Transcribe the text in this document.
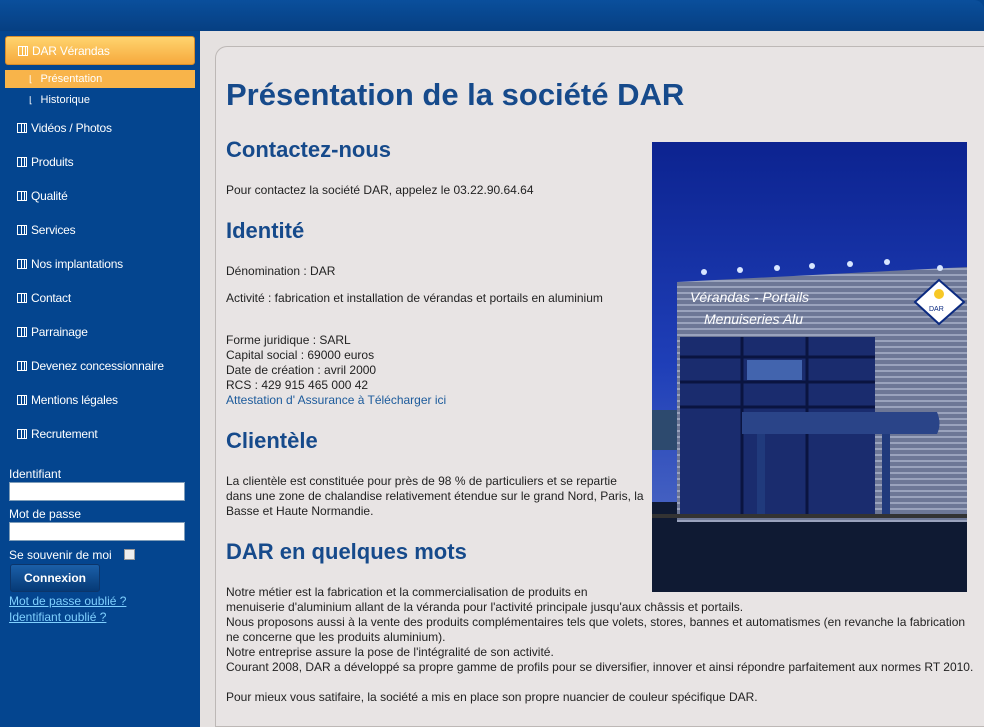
DAR Vérandas
⌊ Présentation
⌊ Historique
Vidéos / Photos
Produits
Qualité
Services
Nos implantations
Contact
Parrainage
Devenez concessionnaire
Mentions légales
Recrutement
Identifiant
Mot de passe
Se souvenir de moi
Connexion
Mot de passe oublié ?
Identifiant oublié ?
Présentation de la société DAR
Contactez-nous
Pour contactez la société DAR, appelez le 03.22.90.64.64
Identité
Dénomination : DAR
Activité : fabrication et installation de vérandas et portails en aluminium
Forme juridique : SARL
Capital social : 69000 euros
Date de création : avril 2000
RCS : 429 915 465 000 42
Attestation d' Assurance à Télécharger ici
Clientèle
La clientèle est constituée pour près de 98 % de particuliers et se repartie dans une zone de chalandise relativement étendue sur le grand Nord, Paris, la Basse et Haute Normandie.
DAR en quelques mots
Notre métier est la fabrication et la commercialisation de produits en
menuiserie d'aluminium allant de la véranda pour l'activité principale jusqu'aux châssis et portails.
Nous proposons aussi à la vente des produits complémentaires tels que volets, stores, bannes et automatismes (en revanche la fabrication ne concerne que les produits aluminium).
Notre entreprise assure la pose de l'intégralité de son activité.
Courant 2008, DAR a développé sa propre gamme de profils pour se diversifier, innover et ainsi répondre parfaitement aux normes RT 2010.
Pour mieux vous satifaire, la société a mis en place son propre nuancier de couleur spécifique DAR.
Vérandas - Portails
Menuiseries Alu
DAR
